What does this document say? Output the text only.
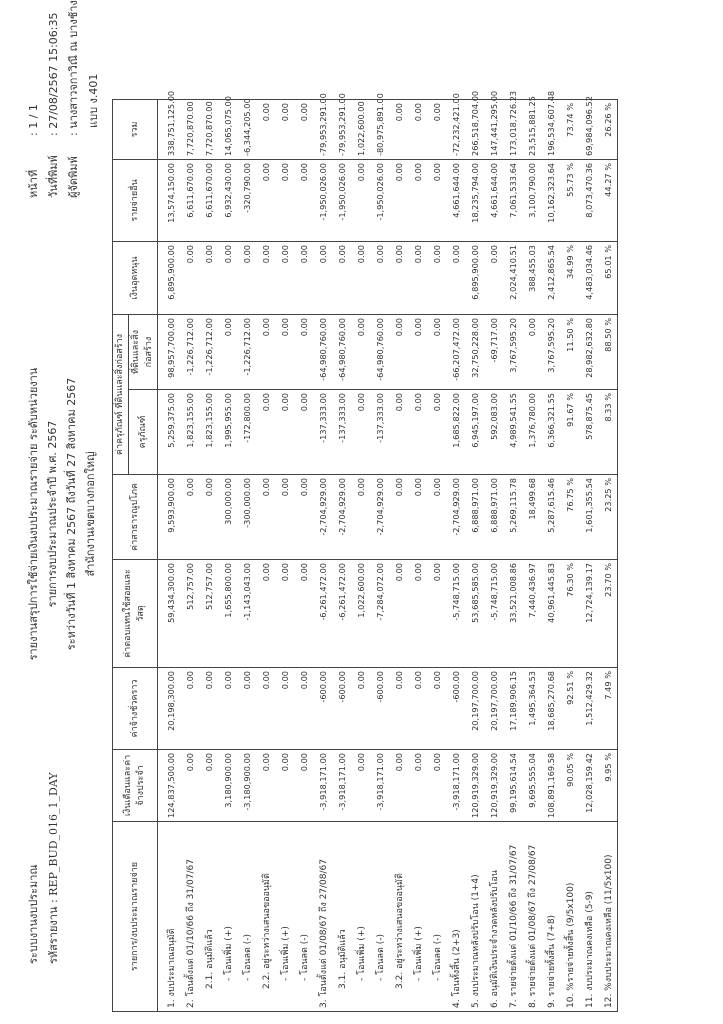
ระบบงานงบประมาณ รหัสรายงาน : REP_BUD_016_1_DAY
รายงานสรุปการใช้จ่ายเงินงบประมาณรายจ่าย ระดับหน่วยงาน รายการงบประมาณประจำปี พ.ศ. 2567 ระหว่างวันที่ 1 สิงหาคม 2567 ถึงวันที่ 27 สิงหาคม 2567 สำนักงานเขตบางกอกใหญ่
หน้าที่
: 1 / 1
วันที่พิมพ์
: 27/08/2567 15:06:35
ผู้จัดพิมพ์
: นางสาวจกาวิณี ณ บางช้าง แบบ ง.401
รายการ/งบประมาณรายจ่าย	เงินเดือนและค่าจ้างประจำ	ค่าจ้างชั่วคราว	ค่าตอบแทนใช้สอยและวัสดุ	ค่าสาธารณูปโภค	ค่าครุภัณฑ์ ที่ดินและสิ่งก่อสร้าง		เงินอุดหนุน	รายจ่ายอื่น	รวม
					ครุภัณฑ์	ที่ดินและสิ่งก่อสร้าง			
1. งบประมาณอนุมัติ	124,837,500.00	20,198,300.00	59,434,300.00	9,593,900.00	5,259,375.00	98,957,700.00	6,895,900.00	13,574,150.00	338,751,125.00
2. โอนตั้งแต่ 01/10/66 ถึง 31/07/67	0.00	0.00	512,757.00	0.00	1,823,155.00	-1,226,712.00	0.00	6,611,670.00	7,720,870.00
2.1. อนุมัติแล้ว	0.00	0.00	512,757.00	0.00	1,823,155.00	-1,226,712.00	0.00	6,611,670.00	7,720,870.00
- โอนเพิ่ม (+)	3,180,900.00	0.00	1,655,800.00	300,000.00	1,995,955.00	0.00	0.00	6,932,430.00	14,065,075.00
- โอนลด (-)	-3,180,900.00	0.00	-1,143,043.00	-300,000.00	-172,800.00	-1,226,712.00	0.00	-320,790.00	-6,344,205.00
2.2. อยู่ระหว่างเสนอขออนุมัติ	0.00	0.00	0.00	0.00	0.00	0.00	0.00	0.00	0.00
- โอนเพิ่ม (+)	0.00	0.00	0.00	0.00	0.00	0.00	0.00	0.00	0.00
- โอนลด (-)	0.00	0.00	0.00	0.00	0.00	0.00	0.00	0.00	0.00
3. โอนตั้งแต่ 01/08/67 ถึง 27/08/67	-3,918,171.00	-600.00	-6,261,472.00	-2,704,929.00	-137,333.00	-64,980,760.00	0.00	-1,950,026.00	-79,953,291.00
3.1. อนุมัติแล้ว	-3,918,171.00	-600.00	-6,261,472.00	-2,704,929.00	-137,333.00	-64,980,760.00	0.00	-1,950,026.00	-79,953,291.00
- โอนเพิ่ม (+)	0.00	0.00	1,022,600.00	0.00	0.00	0.00	0.00	0.00	1,022,600.00
- โอนลด (-)	-3,918,171.00	-600.00	-7,284,072.00	-2,704,929.00	-137,333.00	-64,980,760.00	0.00	-1,950,026.00	-80,975,891.00
3.2. อยู่ระหว่างเสนอขออนุมัติ	0.00	0.00	0.00	0.00	0.00	0.00	0.00	0.00	0.00
- โอนเพิ่ม (+)	0.00	0.00	0.00	0.00	0.00	0.00	0.00	0.00	0.00
- โอนลด (-)	0.00	0.00	0.00	0.00	0.00	0.00	0.00	0.00	0.00
4. โอนทั้งสิ้น (2+3)	-3,918,171.00	-600.00	-5,748,715.00	-2,704,929.00	1,685,822.00	-66,207,472.00	0.00	4,661,644.00	-72,232,421.00
5. งบประมาณหลังปรับโอน (1+4)	120,919,329.00	20,197,700.00	53,685,585.00	6,888,971.00	6,945,197.00	32,750,228.00	6,895,900.00	18,235,794.00	266,518,704.00
6. อนุมัติเงินประจำงวดหลังปรับโอน	120,919,329.00	20,197,700.00	-5,748,715.00	6,888,971.00	592,083.00	-69,717.00	0.00	4,661,644.00	147,441,295.00
7. รายจ่ายตั้งแต่ 01/10/66 ถึง 31/07/67	99,195,614.54	17,189,906.15	33,521,008.86	5,269,115.78	4,989,541.55	3,767,595.20	2,024,410.51	7,061,533.64	173,018,726.23
8. รายจ่ายตั้งแต่ 01/08/67 ถึง 27/08/67	9,695,555.04	1,495,364.53	7,440,436.97	18,499.68	1,376,780.00	0.00	388,455.03	3,100,790.00	23,515,881.25
9. รายจ่ายทั้งสิ้น (7+8)	108,891,169.58	18,685,270.68	40,961,445.83	5,287,615.46	6,366,321.55	3,767,595.20	2,412,865.54	10,162,323.64	196,534,607.48
10. %รายจ่ายทั้งสิ้น (9/5x100)	90.05 %	92.51 %	76.30 %	76.75 %	91.67 %	11.50 %	34.99 %	55.73 %	73.74 %
11. งบประมาณคงเหลือ (5-9)	12,028,159.42	1,512,429.32	12,724,139.17	1,601,355.54	578,875.45	28,982,632.80	4,483,034.46	8,073,470.36	69,984,096.52
12. %งบประมาณคงเหลือ (11/5x100)	9.95 %	7.49 %	23.70 %	23.25 %	8.33 %	88.50 %	65.01 %	44.27 %	26.26 %
